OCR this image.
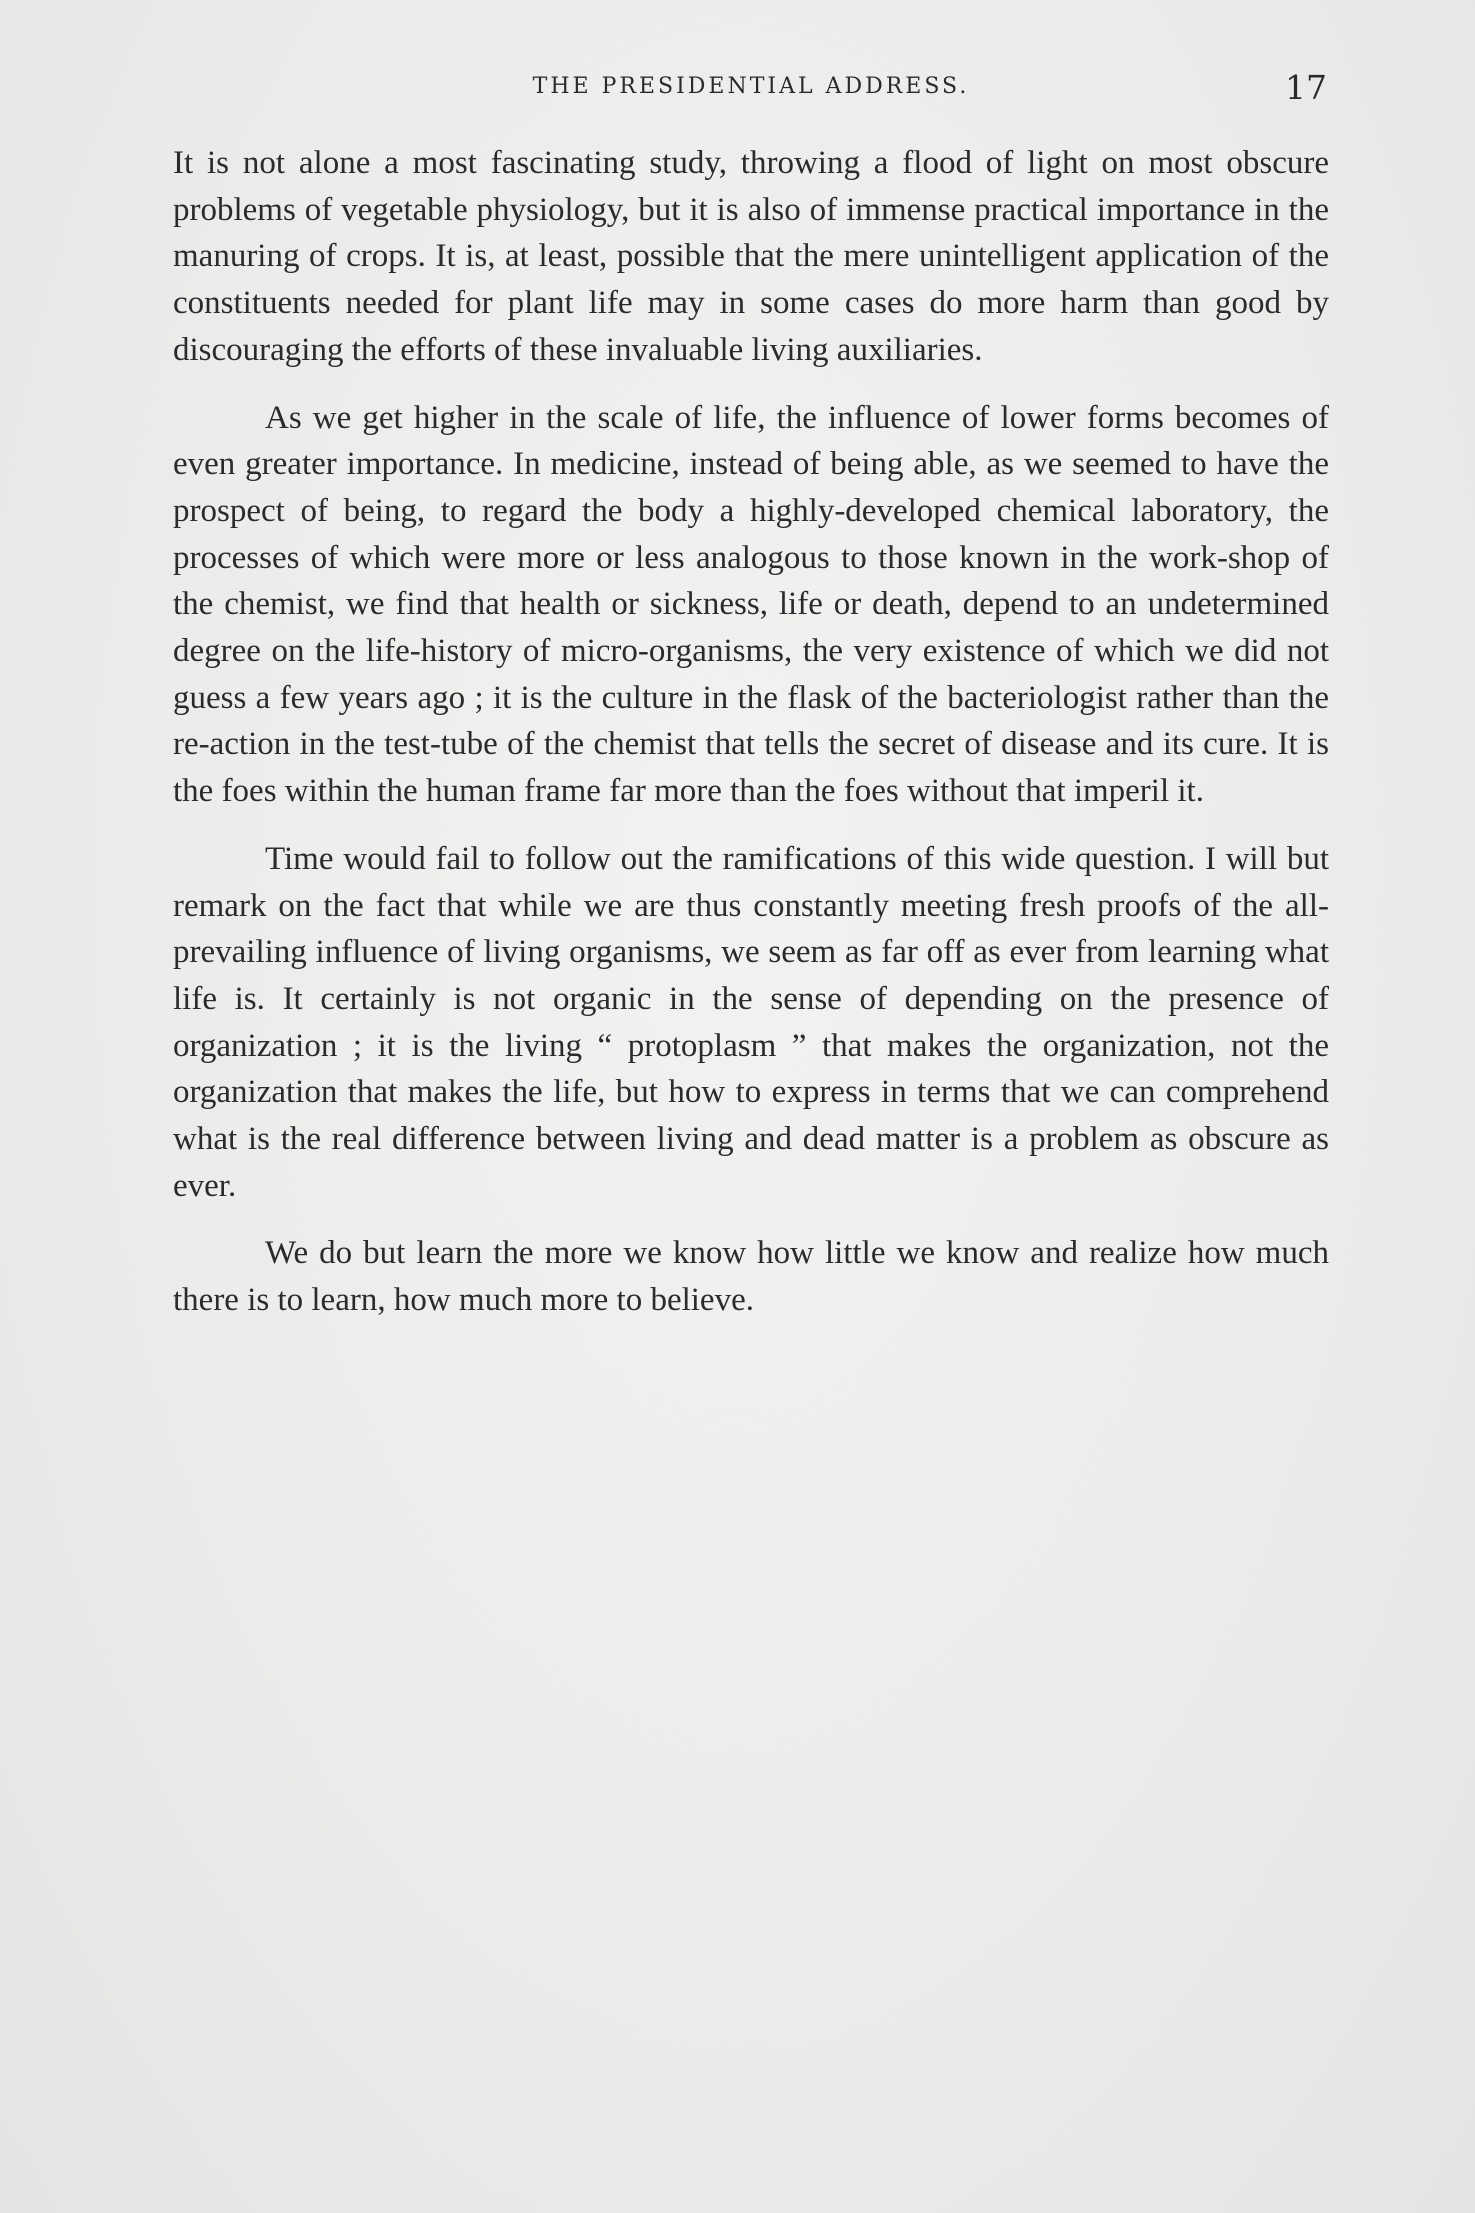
THE PRESIDENTIAL ADDRESS.	17

It is not alone a most fascinating study, throwing a flood of light on most obscure problems of vegetable physiology, but it is also of immense practical importance in the manuring of crops. It is, at least, possible that the mere unintelligent application of the constituents needed for plant life may in some cases do more harm than good by discouraging the efforts of these invaluable living auxiliaries.

As we get higher in the scale of life, the influence of lower forms becomes of even greater importance. In medicine, instead of being able, as we seemed to have the prospect of being, to regard the body a highly-developed chemical laboratory, the processes of which were more or less analogous to those known in the work-shop of the chemist, we find that health or sickness, life or death, depend to an undetermined degree on the life-history of micro-organisms, the very existence of which we did not guess a few years ago ; it is the culture in the flask of the bacteriologist rather than the re-action in the test-tube of the chemist that tells the secret of disease and its cure. It is the foes within the human frame far more than the foes without that imperil it.

Time would fail to follow out the ramifications of this wide question. I will but remark on the fact that while we are thus constantly meeting fresh proofs of the all-prevailing influence of living organisms, we seem as far off as ever from learning what life is. It certainly is not organic in the sense of depending on the presence of organization ; it is the living “ protoplasm ” that makes the organization, not the organization that makes the life, but how to express in terms that we can comprehend what is the real difference between living and dead matter is a problem as obscure as ever.

We do but learn the more we know how little we know and realize how much there is to learn, how much more to believe.
